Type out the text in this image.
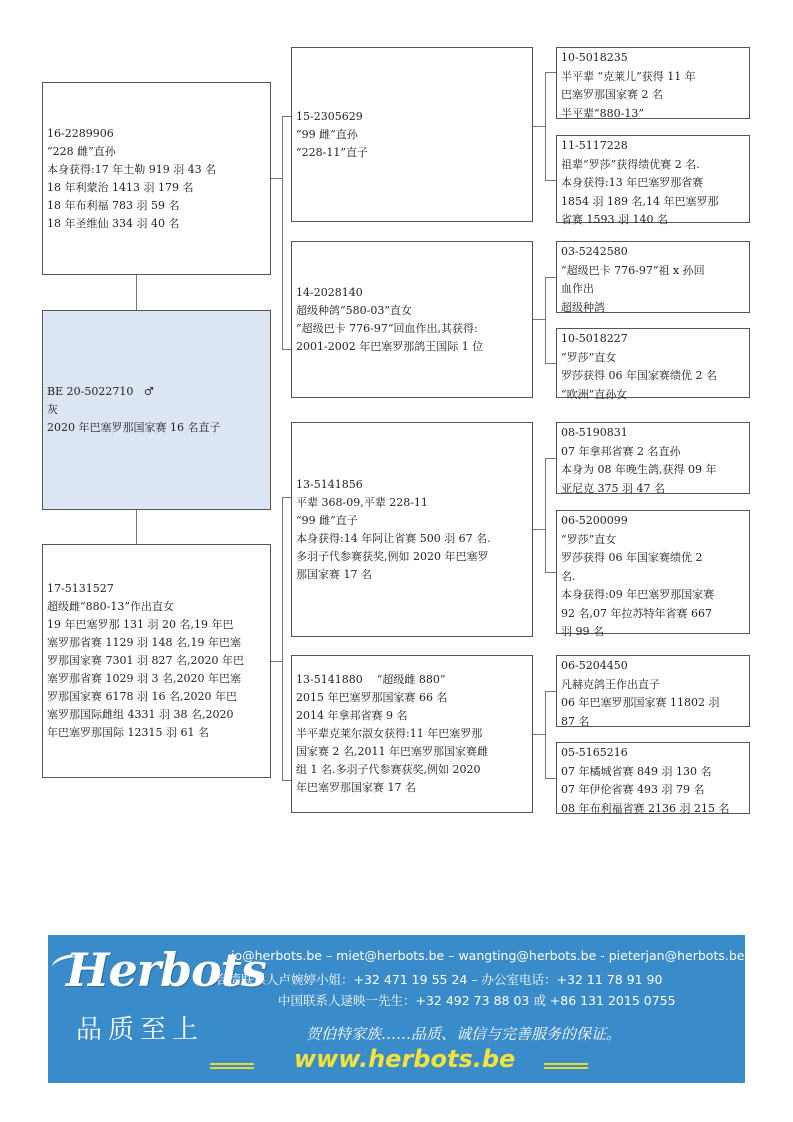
16-2289906
“228 雌”直孙
本身获得:17 年土勒 919 羽 43 名
18 年利蒙治 1413 羽 179 名
18 年布利福 783 羽 59 名
18 年圣维仙 334 羽 40 名
BE 20-5022710 ♂
灰
2020 年巴塞罗那国家赛 16 名直子
17-5131527
超级雌“880-13”作出直女
19 年巴塞罗那 131 羽 20 名,19 年巴
塞罗那省赛 1129 羽 148 名,19 年巴塞
罗那国家赛 7301 羽 827 名,2020 年巴
塞罗那省赛 1029 羽 3 名,2020 年巴塞
罗那国家赛 6178 羽 16 名,2020 年巴
塞罗那国际雌组 4331 羽 38 名,2020
年巴塞罗那国际 12315 羽 61 名
15-2305629
“99 雌”直孙
“228-11”直子
14-2028140
超级种鸽“580-03”直女
“超级巴卡 776-97”回血作出,其获得:
2001-2002 年巴塞罗那鸽王国际 1 位
13-5141856
平辈 368-09,平辈 228-11
“99 雌”直子
本身获得:14 年阿让省赛 500 羽 67 名.
多羽子代参赛获奖,例如 2020 年巴塞罗
那国家赛 17 名
13-5141880 “超级雌 880”
2015 年巴塞罗那国家赛 66 名
2014 年拿邦省赛 9 名
半平辈克莱尔淑女获得:11 年巴塞罗那
国家赛 2 名,2011 年巴塞罗那国家赛雌
组 1 名.多羽子代参赛获奖,例如 2020
年巴塞罗那国家赛 17 名
10-5018235
半平辈 “克莱儿”获得 11 年
巴塞罗那国家赛 2 名
半平辈“880-13”
11-5117228
祖辈“罗莎”获得绩优赛 2 名.
本身获得:13 年巴塞罗那省赛
1854 羽 189 名,14 年巴塞罗那
省赛 1593 羽 140 名
03-5242580
“超级巴卡 776-97”祖 x 孙回
血作出
超级种鸽
10-5018227
“罗莎”直女
罗莎获得 06 年国家赛绩优 2 名
“欧洲”直孙女
08-5190831
07 年拿邦省赛 2 名直孙
本身为 08 年晚生鸽,获得 09 年
亚尼克 375 羽 47 名
06-5200099
“罗莎”直女
罗莎获得 06 年国家赛绩优 2
名.
本身获得:09 年巴塞罗那国家赛
92 名,07 年拉苏特年省赛 667
羽 99 名
06-5204450
凡赫克鸽王作出直子
06 年巴塞罗那国家赛 11802 羽
87 名
05-5165216
07 年橘城省赛 849 羽 130 名
07 年伊伦省赛 493 羽 79 名
08 年布利福省赛 2136 羽 215 名
Herbots
品质至上
jo@herbots.be – miet@herbots.be – wangting@herbots.be - pieterjan@herbots.be
台湾联系人卢婉婷小姐：+32 471 19 55 24 – 办公室电话：+32 11 78 91 90
中国联系人逯映一先生：+32 492 73 88 03 或 +86 131 2015 0755
贺伯特家族……品质、诚信与完善服务的保证。
www.herbots.be
